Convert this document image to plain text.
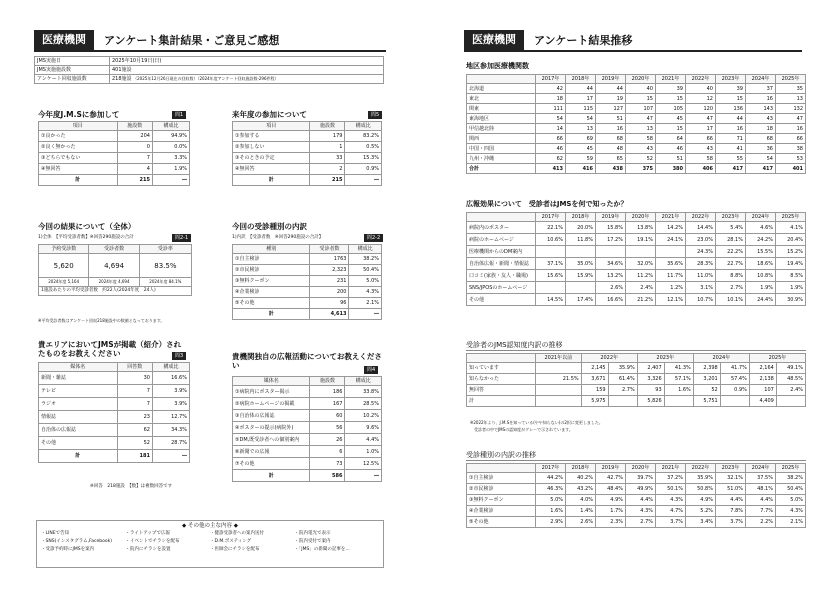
医療機関	アンケート集計結果・ご意見ご感想
JMS実施日	2025年10月19日(日)
JMS実施施設数	401施設
アンケート回収施設数	218施設 （2025年12月26日現在の回収数）（2024年度アンケート回収施設数-296件程）
今年度J.M.Sに参加して	問1
項目	施設数	構成比
①良かった	204	94.9%
②良く無かった	0	0.0%
③どちらでもない	7	3.3%
④無回答	4	1.9%
計	215	―
来年度の参加について	問5
項目	施設数	構成比
①参加する	179	83.2%
②参加しない	1	0.5%
③そのときの予定	33	15.3%
④無回答	2	0.9%
計	215	―
今回の結果について（全体）
1)全体　【平均受診者数】※回答290施設の合計	問2-1
予約受診数	受診者数	受診率
5,620	4,694	83.5%
2024年度 5,164	2024年度 4,694	2024年度 84.1%
1施設あたりの平均受診者数　約22人(2024年度　24人)		
※平均受診者数はアンケート回収218施設中の数値となっております。
今回の受診種別の内訳
1)内訳　【受診者数　※回答290施設の合計】	問2-2
種別	受診者数	構成比
①自主検診	1763	38.2%
②市民検診	2,323	50.4%
③無料クーポン	231	5.0%
④企業検診	200	4.3%
⑤その他	96	2.1%
計	4,613	―
貴エリアにおいてJMSが掲載（紹介）されたものをお教えください	問3
媒体名	回答数	構成比
新聞・雑誌	30	16.6%
テレビ	7	3.9%
ラジオ	7	3.9%
情報誌	23	12.7%
自治体の広報誌	62	34.3%
その他	52	28.7%
計	181	―
※回答　218施設　【数】は複数回答です
貴機関独自の広報活動についてお教えください	問4
媒体名	施設数	構成比
①病院内にポスター掲示	186	33.8%
②病院ホームページの掲載	167	28.5%
③自治体の広報誌	60	10.2%
④ポスターの提示(病院外)	56	9.6%
⑤DM,既受診者への個別案内	26	4.4%
⑥新聞での広報	6	1.0%
⑦その他	73	12.5%
計	586	―
◆ その他の主な内容 ◆
・LINEで告知
・SNS(インスタグラム,Facebook)
・受診予約時にJMSを案内
・ライトアップで広報
・イベントでチラシを配布
・院内にチラシを設置
・健診受診者への案内送付
・D.M.ポスティング
・医師会にチラシを配布
・院内電光で表示
・院内受付で案内
・「JMS」の新聞の記事を…
医療機関	アンケート結果推移
地区参加医療機関数
	2017年	2018年	2019年	2020年	2021年	2022年	2023年	2024年	2025年
北海道	42	44	44	40	39	40	39	37	35
東北	18	17	19	15	15	12	15	16	13
関東	111	115	127	107	105	120	136	143	132
東海地区	54	54	51	47	45	47	44	43	47
甲信越北陸	14	13	16	13	15	17	16	18	16
関西	66	69	68	58	64	66	71	68	66
中国・四国	46	45	48	43	46	43	41	36	38
九州・沖縄	62	59	65	52	51	58	55	54	53
合計	413	416	438	375	380	406	417	417	401
広報効果について　受診者はJMSを何で知ったか？
	2017年	2018年	2019年	2020年	2021年	2022年	2023年	2024年	2025年
病院内のポスター	22.1%	20.0%	15.8%	13.8%	14.2%	14.4%	5.4%	4.6%	4.1%
病院のホームページ	10.6%	11.8%	17.2%	19.1%	24.1%	23.0%	28.1%	24.2%	20.4%
医療機関からのDM案内						24.3%	22.2%	15.5%	15.2%
自治体広報・新聞・情報誌	37.1%	35.0%	34.6%	32.0%	35.6%	28.3%	22.7%	18.6%	19.4%
口コミ(家族・友人・職場)	15.6%	15.9%	13.2%	11.2%	11.7%	11.0%	8.8%	10.8%	8.5%
SNS/JPOSのホームページ			2.6%	2.4%	1.2%	3.1%	2.7%	1.9%	1.9%
その他	14.5%	17.4%	16.6%	21.2%	12.1%	10.7%	10.1%	24.4%	30.9%
受診者のJMS認知度内訳の推移
	2021年以前	2022年		2023年		2024年		2025年	
知っています		2,145	35.9%	2,407	41.3%	2,398	41.7%	2,164	49.1%
知らなかった	21.5%	3,671	61.4%	3,326	57.1%	3,201	57.4%	2,138	48.5%
無回答		159	2.7%	93	1.6%	52	0.9%	107	2.4%
計		5,975		5,826		5,751		4,409	
※2022年より、J.M.Sを知っている(やや知らない)の2択に変更しました。
受診者の中でJMSの認知度がグレーで示されています。
受診種別の内訳の推移
	2017年	2018年	2019年	2020年	2021年	2022年	2023年	2024年	2025年
①自主検診	44.2%	40.2%	42.7%	39.7%	37.2%	35.9%	32.1%	37.5%	38.2%
②市民検診	46.3%	43.2%	48.4%	49.9%	50.1%	50.8%	51.0%	48.1%	50.4%
③無料クーポン	5.0%	4.0%	4.9%	4.4%	4.3%	4.9%	4.4%	4.4%	5.0%
④企業検診	1.6%	1.4%	1.7%	4.3%	4.7%	5.2%	7.8%	7.7%	4.3%
⑤その他	2.9%	2.6%	2.3%	2.7%	3.7%	3.4%	3.7%	2.2%	2.1%
